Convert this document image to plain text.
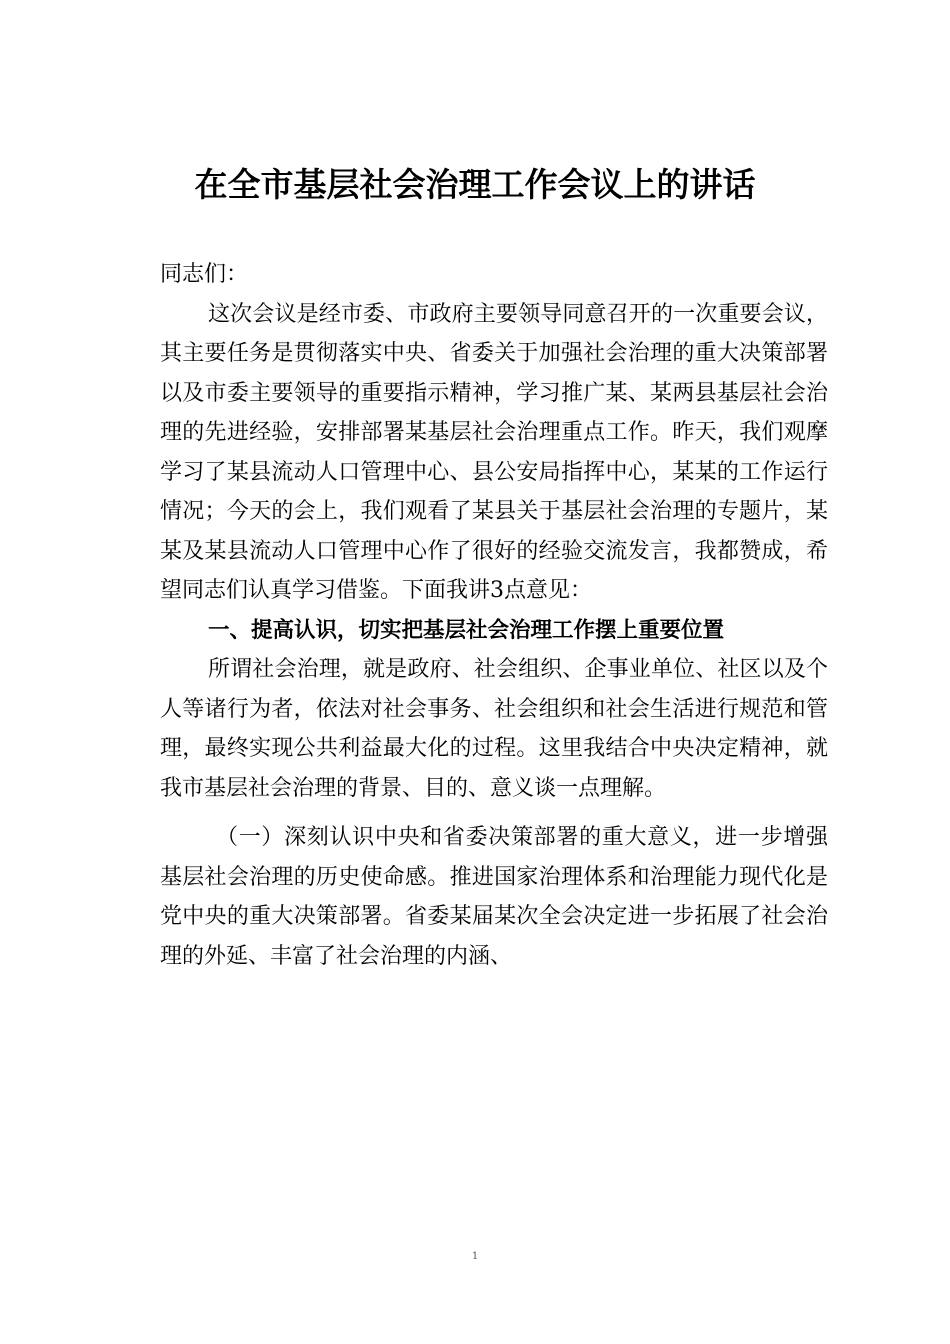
在全市基层社会治理工作会议上的讲话

同志们：

这次会议是经市委、市政府主要领导同意召开的一次重要会议，其主要任务是贯彻落实中央、省委关于加强社会治理的重大决策部署以及市委主要领导的重要指示精神，学习推广某、某两县基层社会治理的先进经验，安排部署某基层社会治理重点工作。昨天，我们观摩学习了某县流动人口管理中心、县公安局指挥中心，某某的工作运行情况；今天的会上，我们观看了某县关于基层社会治理的专题片，某某及某县流动人口管理中心作了很好的经验交流发言，我都赞成，希望同志们认真学习借鉴。下面我讲3点意见：

一、提高认识，切实把基层社会治理工作摆上重要位置

所谓社会治理，就是政府、社会组织、企事业单位、社区以及个人等诸行为者，依法对社会事务、社会组织和社会生活进行规范和管理，最终实现公共利益最大化的过程。这里我结合中央决定精神，就我市基层社会治理的背景、目的、意义谈一点理解。

（一）深刻认识中央和省委决策部署的重大意义，进一步增强基层社会治理的历史使命感。推进国家治理体系和治理能力现代化是党中央的重大决策部署。省委某届某次全会决定进一步拓展了社会治理的外延、丰富了社会治理的内涵、

1
